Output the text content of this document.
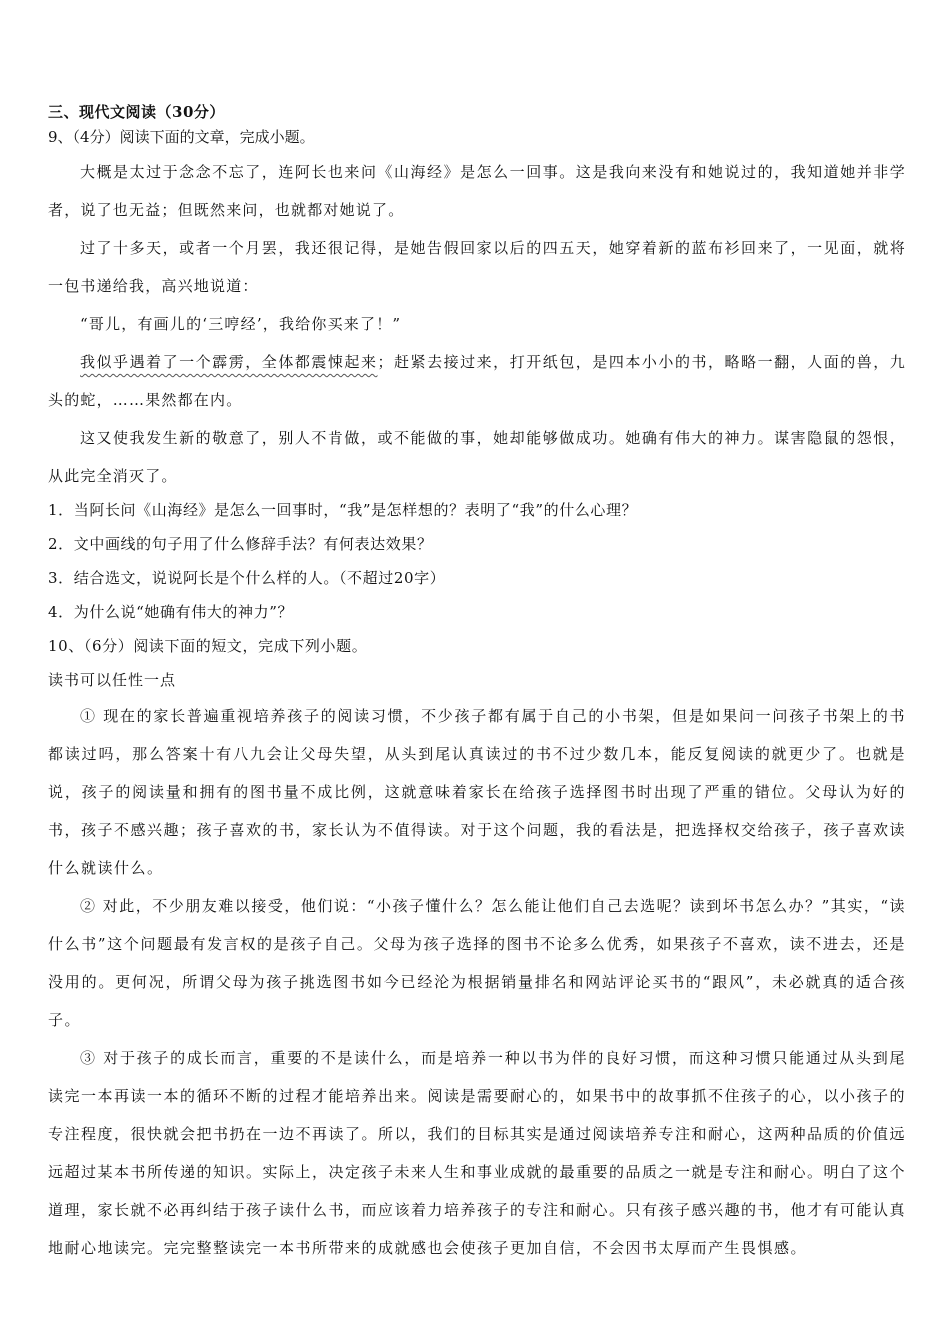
三、现代文阅读（30分）
9、（4分）阅读下面的文章，完成小题。
大概是太过于念念不忘了，连阿长也来问《山海经》是怎么一回事。这是我向来没有和她说过的，我知道她并非学者，说了也无益；但既然来问，也就都对她说了。
过了十多天，或者一个月罢，我还很记得，是她告假回家以后的四五天，她穿着新的蓝布衫回来了，一见面，就将一包书递给我，高兴地说道：
“哥儿，有画儿的‘三哼经’，我给你买来了！”
我似乎遇着了一个霹雳，全体都震悚起来；赶紧去接过来，打开纸包，是四本小小的书，略略一翻，人面的兽，九头的蛇，……果然都在内。
这又使我发生新的敬意了，别人不肯做，或不能做的事，她却能够做成功。她确有伟大的神力。谋害隐鼠的怨恨，从此完全消灭了。
1．当阿长问《山海经》是怎么一回事时，“我”是怎样想的？表明了“我”的什么心理？
2．文中画线的句子用了什么修辞手法？有何表达效果？
3．结合选文，说说阿长是个什么样的人。（不超过20字）
4．为什么说“她确有伟大的神力”？
10、（6分）阅读下面的短文，完成下列小题。
读书可以任性一点
① 现在的家长普遍重视培养孩子的阅读习惯，不少孩子都有属于自己的小书架，但是如果问一问孩子书架上的书都读过吗，那么答案十有八九会让父母失望，从头到尾认真读过的书不过少数几本，能反复阅读的就更少了。也就是说，孩子的阅读量和拥有的图书量不成比例，这就意味着家长在给孩子选择图书时出现了严重的错位。父母认为好的书，孩子不感兴趣；孩子喜欢的书，家长认为不值得读。对于这个问题，我的看法是，把选择权交给孩子，孩子喜欢读什么就读什么。
② 对此，不少朋友难以接受，他们说：“小孩子懂什么？怎么能让他们自己去选呢？读到坏书怎么办？”其实，“读什么书”这个问题最有发言权的是孩子自己。父母为孩子选择的图书不论多么优秀，如果孩子不喜欢，读不进去，还是没用的。更何况，所谓父母为孩子挑选图书如今已经沦为根据销量排名和网站评论买书的“跟风”，未必就真的适合孩子。
③ 对于孩子的成长而言，重要的不是读什么，而是培养一种以书为伴的良好习惯，而这种习惯只能通过从头到尾读完一本再读一本的循环不断的过程才能培养出来。阅读是需要耐心的，如果书中的故事抓不住孩子的心，以小孩子的专注程度，很快就会把书扔在一边不再读了。所以，我们的目标其实是通过阅读培养专注和耐心，这两种品质的价值远远超过某本书所传递的知识。实际上，决定孩子未来人生和事业成就的最重要的品质之一就是专注和耐心。明白了这个道理，家长就不必再纠结于孩子读什么书，而应该着力培养孩子的专注和耐心。只有孩子感兴趣的书，他才有可能认真地耐心地读完。完完整整读完一本书所带来的成就感也会使孩子更加自信，不会因书太厚而产生畏惧感。
